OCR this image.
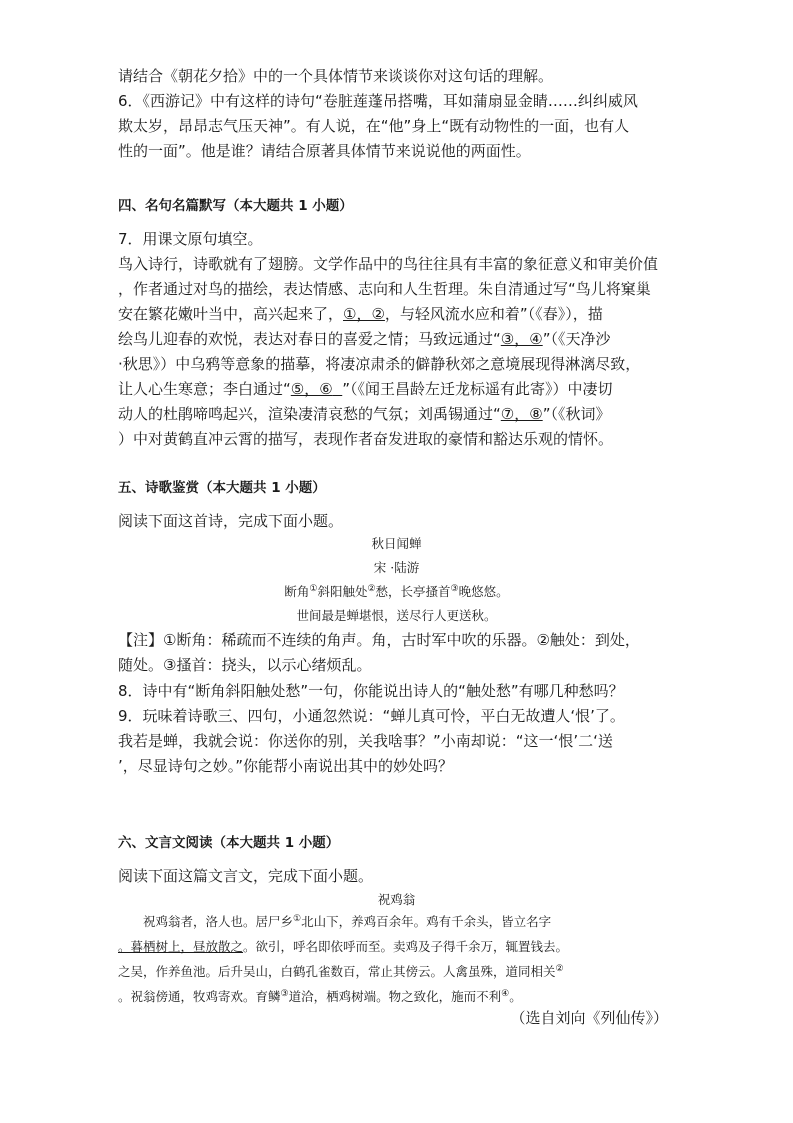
请结合《朝花夕拾》中的一个具体情节来谈谈你对这句话的理解。
6．《西游记》中有这样的诗句“卷脏莲蓬吊搭嘴，耳如蒲扇显金睛……纠纠威风
欺太岁，昂昂志气压天神”。有人说，在“他”身上“既有动物性的一面，也有人
性的一面”。他是谁？请结合原著具体情节来说说他的两面性。
四、名句名篇默写（本大题共 1 小题）
7．用课文原句填空。
鸟入诗行，诗歌就有了翅膀。文学作品中的鸟往往具有丰富的象征意义和审美价值
，作者通过对鸟的描绘，表达情感、志向和人生哲理。朱自清通过写“鸟儿将窠巢
安在繁花嫩叶当中，高兴起来了，①，②，与轻风流水应和着”（《春》），描
绘鸟儿迎春的欢悦，表达对春日的喜爱之情；马致远通过“③，④”（《天净沙
·秋思》）中乌鸦等意象的描摹，将凄凉肃杀的僻静秋郊之意境展现得淋漓尽致，
让人心生寒意；李白通过“⑤，⑥ ”（《闻王昌龄左迁龙标遥有此寄》）中凄切
动人的杜鹃啼鸣起兴，渲染凄清哀愁的气氛；刘禹锡通过“⑦，⑧”（《秋词》
）中对黄鹤直冲云霄的描写，表现作者奋发进取的豪情和豁达乐观的情怀。
五、诗歌鉴赏（本大题共 1 小题）
阅读下面这首诗，完成下面小题。
秋日闻蝉
宋 ·陆游
断角①斜阳触处②愁，长亭搔首③晚悠悠。
世间最是蝉堪恨，送尽行人更送秋。
【注】①断角：稀疏而不连续的角声。角，古时军中吹的乐器。②触处：到处，
随处。③搔首：挠头，以示心绪烦乱。
8．诗中有“断角斜阳触处愁”一句，你能说出诗人的“触处愁”有哪几种愁吗？
9．玩味着诗歌三、四句，小通忽然说：“蝉儿真可怜，平白无故遭人‘恨’了。
我若是蝉，我就会说：你送你的别，关我啥事？”小南却说：“这一‘恨’二‘送
’，尽显诗句之妙。”你能帮小南说出其中的妙处吗？
六、文言文阅读（本大题共 1 小题）
阅读下面这篇文言文，完成下面小题。
祝鸡翁
祝鸡翁者，洛人也。居尸乡①北山下，养鸡百余年。鸡有千余头，皆立名字
。暮栖树上，昼放散之。欲引，呼名即依呼而至。卖鸡及子得千余万，辄置钱去。
之吴，作养鱼池。后升吴山，白鹤孔雀数百，常止其傍云。人禽虽殊，道同相关②
。祝翁傍通，牧鸡寄欢。育鳞③道洽，栖鸡树端。物之致化，施而不利④。
（选自刘向《列仙传》）
